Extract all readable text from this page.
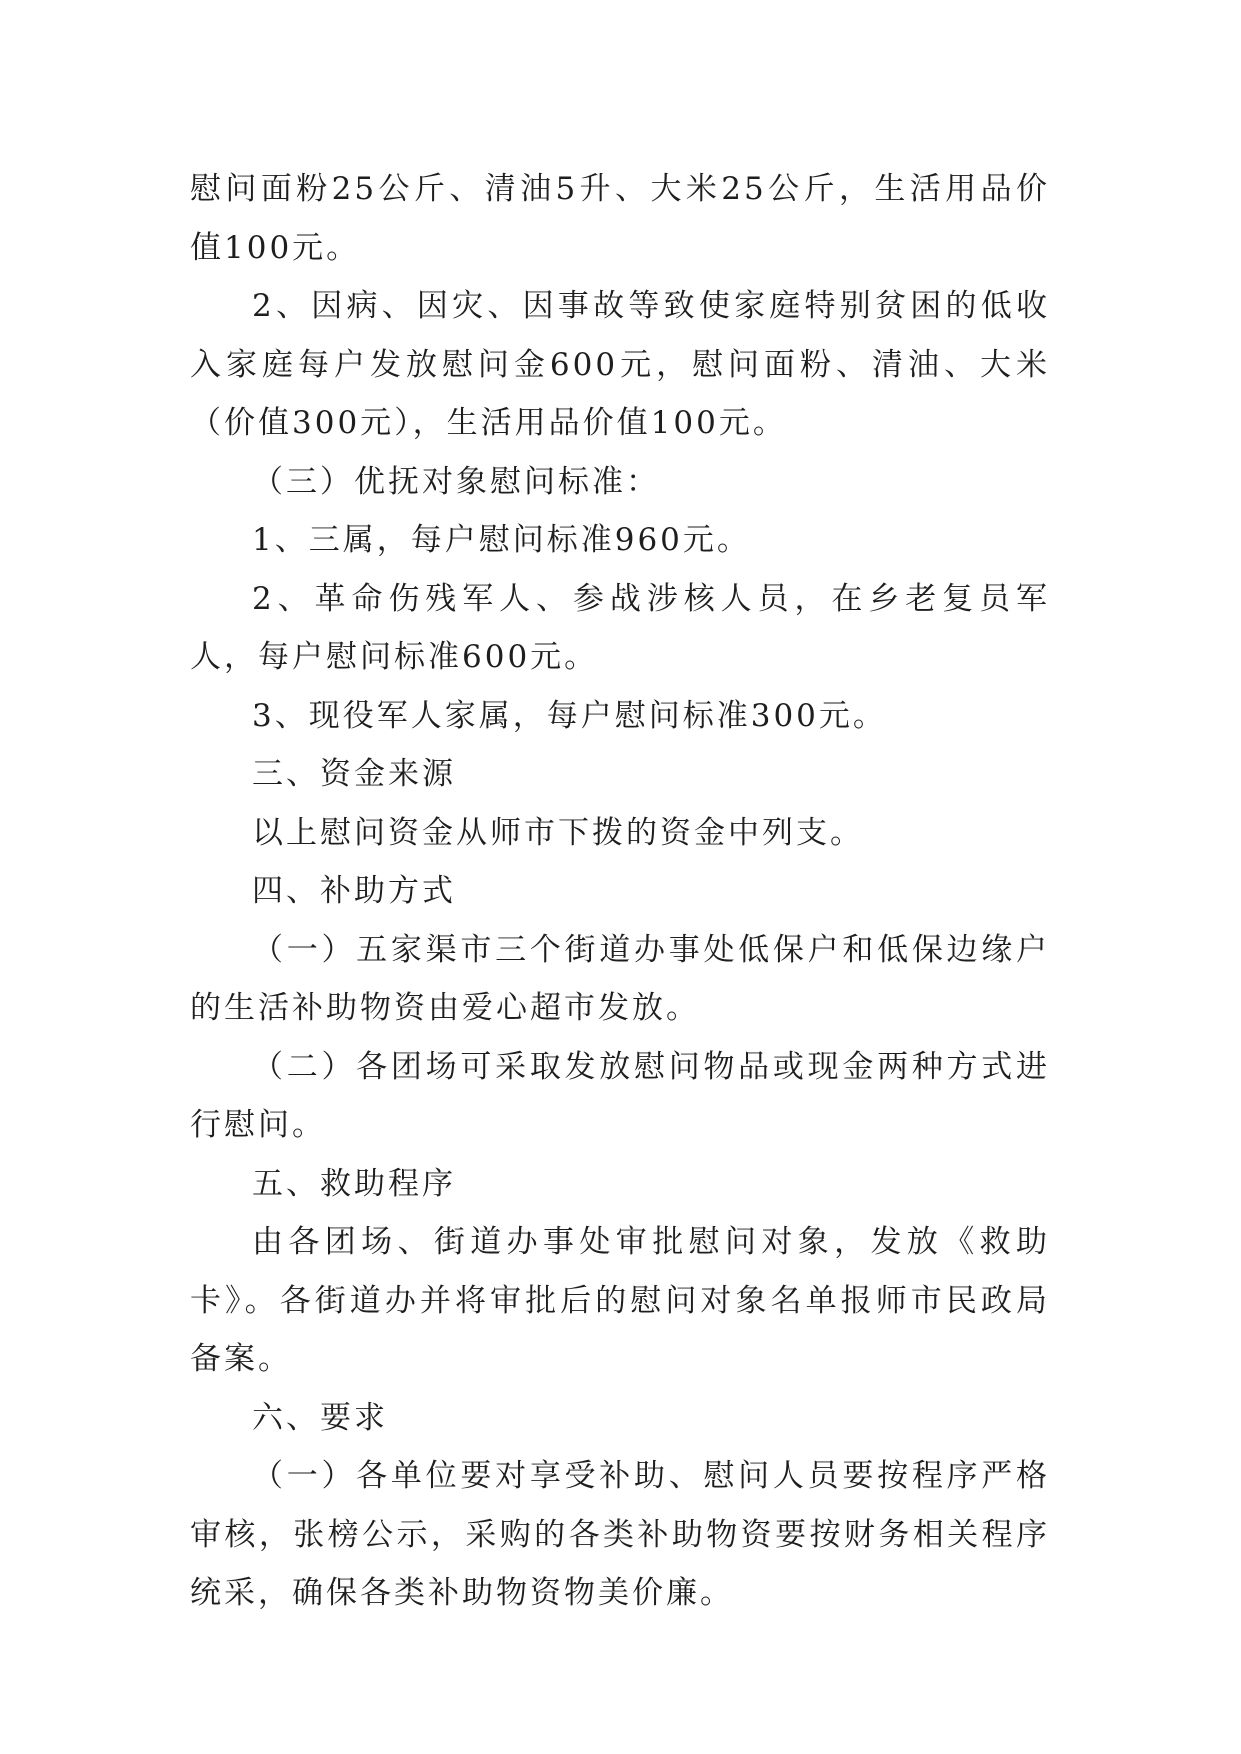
慰问面粉25公斤、清油5升、大米25公斤，生活用品价值100元。

2、因病、因灾、因事故等致使家庭特别贫困的低收入家庭每户发放慰问金600元，慰问面粉、清油、大米（价值300元），生活用品价值100元。

（三）优抚对象慰问标准：

1、三属，每户慰问标准960元。

2、革命伤残军人、参战涉核人员，在乡老复员军人，每户慰问标准600元。

3、现役军人家属，每户慰问标准300元。

三、资金来源

以上慰问资金从师市下拨的资金中列支。

四、补助方式

（一）五家渠市三个街道办事处低保户和低保边缘户的生活补助物资由爱心超市发放。

（二）各团场可采取发放慰问物品或现金两种方式进行慰问。

五、救助程序

由各团场、街道办事处审批慰问对象，发放《救助卡》。各街道办并将审批后的慰问对象名单报师市民政局备案。

六、要求

（一）各单位要对享受补助、慰问人员要按程序严格审核，张榜公示，采购的各类补助物资要按财务相关程序统采，确保各类补助物资物美价廉。
